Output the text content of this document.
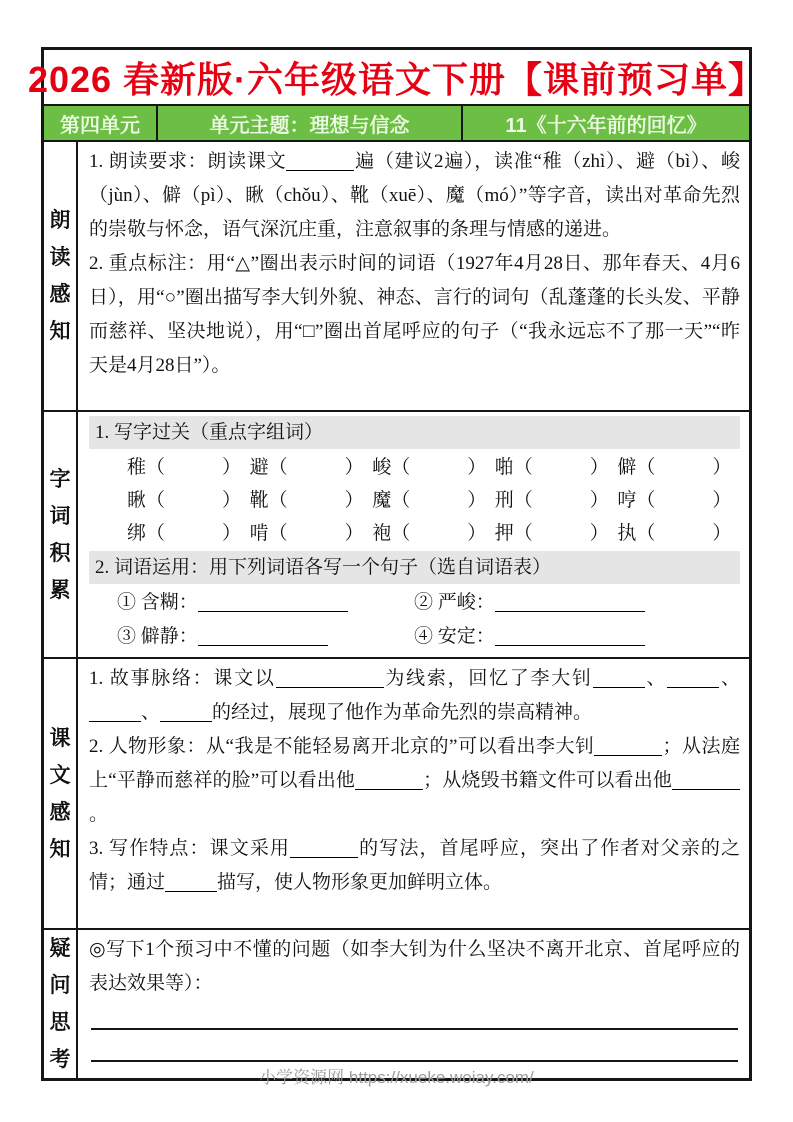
2026 春新版·六年级语文下册【课前预习单】
第四单元	单元主题：理想与信念	11《十六年前的回忆》
朗读感知

1. 朗读要求：朗读课文	遍（建议2遍），读准“稚（zhì）、避（bì）、峻（jùn）、僻（pì）、瞅（chǒu）、靴（xuē）、魔（mó）”等字音，读出对革命先烈的崇敬与怀念，语气深沉庄重，注意叙事的条理与情感的递进。

2. 重点标注：用“△”圈出表示时间的词语（1927年4月28日、那年春天、4月6日），用“○”圈出描写李大钊外貌、神态、言行的词句（乱蓬蓬的长头发、平静而慈祥、坚决地说），用“□”圈出首尾呼应的句子（“我永远忘不了那一天”“昨天是4月28日”）。

字词积累
1. 写字过关（重点字组词）
稚（　　　） 避（　　　） 峻（　　　） 啪（　　　） 僻（　　　）
瞅（　　　） 靴（　　　） 魔（　　　） 刑（　　　） 哼（　　　）
绑（　　　） 啃（　　　） 袍（　　　） 押（　　　） 执（　　　）
2. 词语运用：用下列词语各写一个句子（选自词语表）
① 含糊：	② 严峻：
③ 僻静：	④ 安定：
课文感知

1. 故事脉络：课文以	为线索，回忆了李大钊	、	、、	的经过，展现了他作为革命先烈的崇高精神。

2. 人物形象：从“我是不能轻易离开北京的”可以看出李大钊	；从法庭上“平静而慈祥的脸”可以看出他	；从烧毁书籍文件可以看出他。

3. 写作特点：课文采用	的写法，首尾呼应，突出了作者对父亲的之情；通过	描写，使人物形象更加鲜明立体。

疑问思考

◎写下1个预习中不懂的问题（如李大钊为什么坚决不离开北京、首尾呼应的表达效果等）：

小学资源网 https://xueke.woiay.com/
